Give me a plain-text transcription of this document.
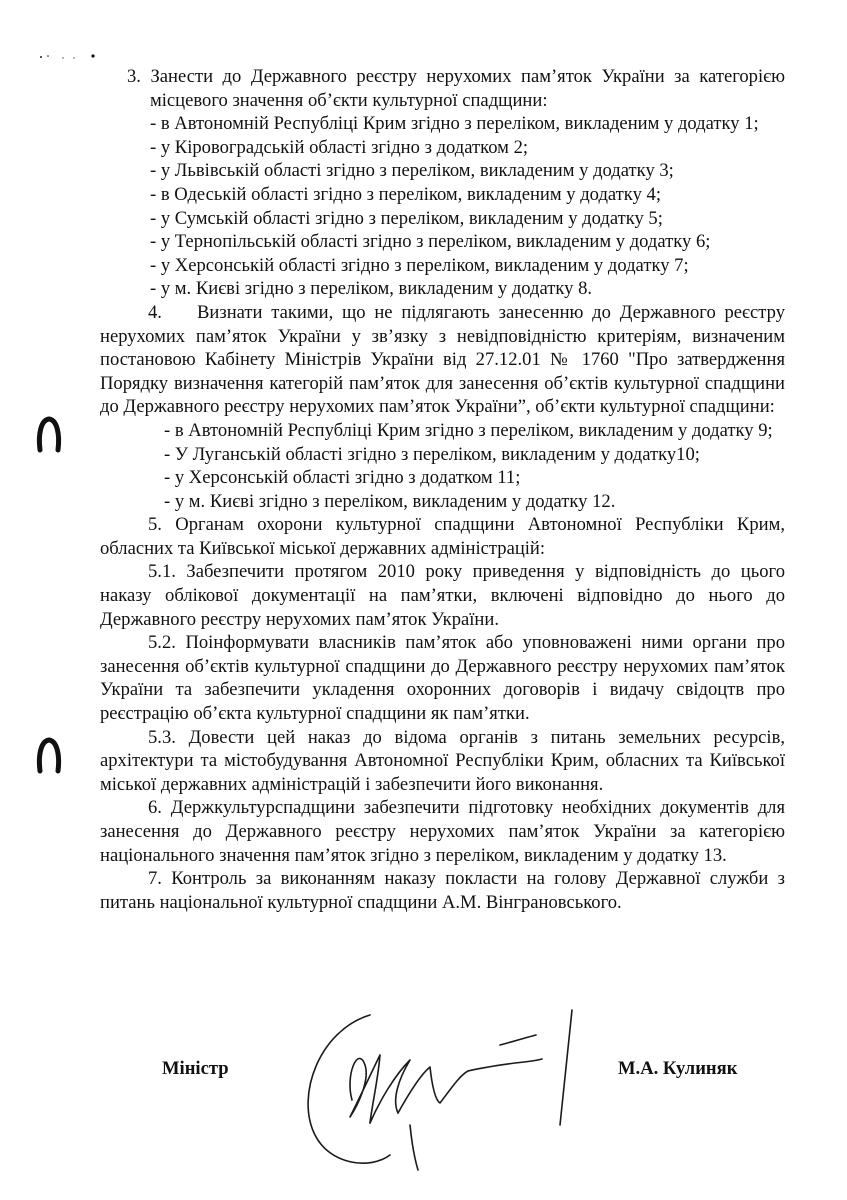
3. Занести до Державного реєстру нерухомих пам’яток України за категорією місцевого значення об’єкти культурної спадщини:

- в Автономній Республіці Крим згідно з переліком, викладеним у додатку 1;
- у Кіровоградській області згідно з додатком 2;
- у Львівській області згідно з переліком, викладеним у додатку 3;
- в Одеській області згідно з переліком, викладеним у додатку 4;
- у Сумській області згідно з переліком, викладеним у додатку 5;
- у Тернопільській області згідно з переліком, викладеним у додатку 6;
- у Херсонській області згідно з переліком, викладеним у додатку 7;
- у м. Києві згідно з переліком, викладеним у додатку 8.

4.    Визнати такими, що не підлягають занесенню до Державного реєстру нерухомих пам’яток України у зв’язку з невідповідністю критеріям, визначеним постановою Кабінету Міністрів України від 27.12.01 № 1760 "Про затвердження Порядку визначення категорій пам’яток для занесення об’єктів культурної спадщини до Державного реєстру нерухомих пам’яток України”, об’єкти культурної спадщини:

- в Автономній Республіці Крим згідно з переліком, викладеним у додатку 9;
- У Луганській області згідно з переліком, викладеним у додатку10;
- у Херсонській області згідно з додатком 11;
- у м. Києві згідно з переліком, викладеним у додатку 12.

5. Органам охорони культурної спадщини Автономної Республіки Крим, обласних та Київської міської державних адміністрацій:

5.1. Забезпечити протягом 2010 року приведення у відповідність до цього наказу облікової документації на пам’ятки, включені відповідно до нього до Державного реєстру нерухомих пам’яток України.

5.2. Поінформувати власників пам’яток або уповноважені ними органи про занесення об’єктів культурної спадщини до Державного реєстру нерухомих пам’яток України та забезпечити укладення охоронних договорів і видачу свідоцтв про реєстрацію об’єкта культурної спадщини як пам’ятки.

5.3. Довести цей наказ до відома органів з питань земельних ресурсів, архітектури та містобудування Автономної Республіки Крим, обласних та Київської міської державних адміністрацій і забезпечити його виконання.

6. Держкультурспадщини забезпечити підготовку необхідних документів для занесення до Державного реєстру нерухомих пам’яток України за категорією національного значення пам’яток згідно з переліком, викладеним у додатку 13.

7. Контроль за виконанням наказу покласти на голову Державної служби з питань національної культурної спадщини А.М. Вінграновського.

Міністр	М.А. Кулиняк
